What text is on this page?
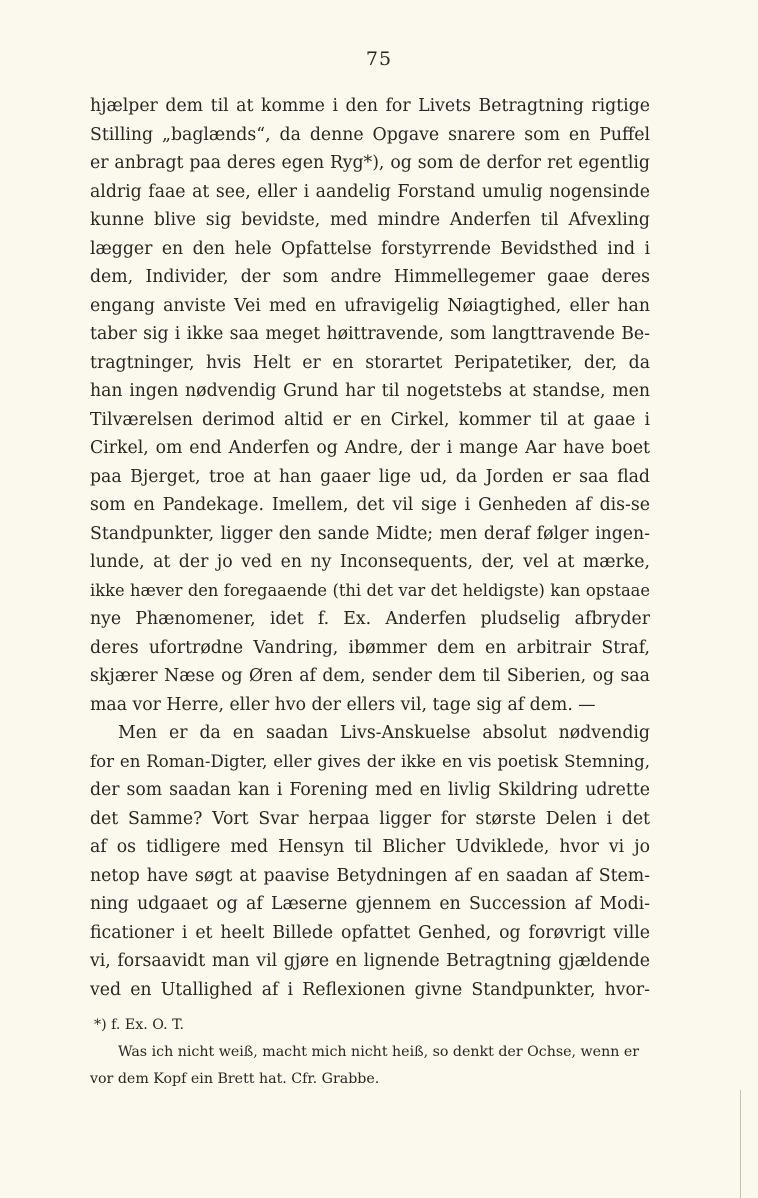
75
hjælper dem til at komme i den for Livets Betragtning rigtige
Stilling „baglænds“, da denne Opgave snarere som en Puffel
er anbragt paa deres egen Ryg*), og som de derfor ret egentlig
aldrig faae at see, eller i aandelig Forstand umulig nogensinde
kunne blive sig bevidste, med mindre Anderfen til Afvexling
lægger en den hele Opfattelse forstyrrende Bevidsthed ind i
dem, Individer, der som andre Himmellegemer gaae deres
engang anviste Vei med en ufravigelig Nøiagtighed, eller han
taber sig i ikke saa meget høittravende, som langttravende Be-
tragtninger, hvis Helt er en storartet Peripatetiker, der, da
han ingen nødvendig Grund har til nogetstebs at standse, men
Tilværelsen derimod altid er en Cirkel, kommer til at gaae i
Cirkel, om end Anderfen og Andre, der i mange Aar have boet
paa Bjerget, troe at han gaaer lige ud, da Jorden er saa flad
som en Pandekage. Imellem, det vil sige i Genheden af dis-se
Standpunkter, ligger den sande Midte; men deraf følger ingen-
lunde, at der jo ved en ny Inconsequents, der, vel at mærke,
ikke hæver den foregaaende (thi det var det heldigste) kan opstaae
nye Phænomener, idet f. Ex. Anderfen pludselig afbryder
deres ufortrødne Vandring, ibømmer dem en arbitrair Straf,
skjærer Næse og Øren af dem, sender dem til Siberien, og saa
maa vor Herre, eller hvo der ellers vil, tage sig af dem. —
Men er da en saadan Livs-Anskuelse absolut nødvendig
for en Roman-Digter, eller gives der ikke en vis poetisk Stemning,
der som saadan kan i Forening med en livlig Skildring udrette
det Samme? Vort Svar herpaa ligger for største Delen i det
af os tidligere med Hensyn til Blicher Udviklede, hvor vi jo
netop have søgt at paavise Betydningen af en saadan af Stem-
ning udgaaet og af Læserne gjennem en Succession af Modi-
ficationer i et heelt Billede opfattet Genhed, og forøvrigt ville
vi, forsaavidt man vil gjøre en lignende Betragtning gjældende
ved en Utallighed af i Reflexionen givne Standpunkter, hvor-
*) f. Ex. O. T.
Was ich nicht weiß, macht mich nicht heiß, so denkt der Ochse, wenn er
vor dem Kopf ein Brett hat. Cfr. Grabbe.
